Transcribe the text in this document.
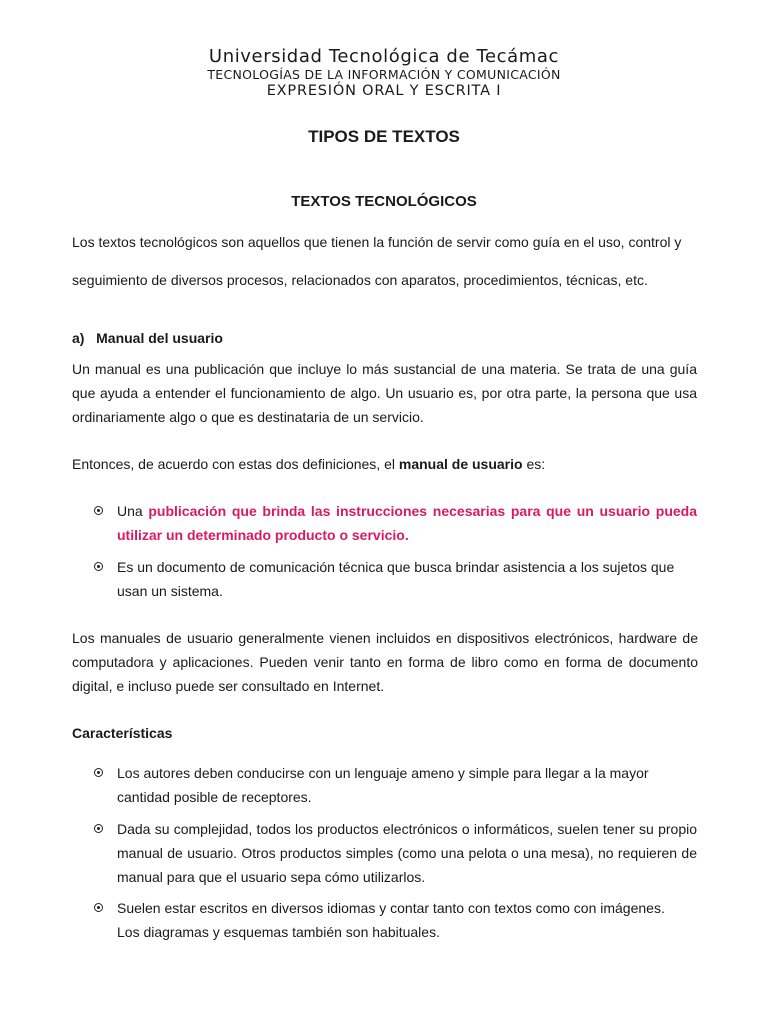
Universidad Tecnológica de Tecámac
TECNOLOGÍAS DE LA INFORMACIÓN Y COMUNICACIÓN
EXPRESIÓN ORAL Y ESCRITA I
TIPOS DE TEXTOS
TEXTOS TECNOLÓGICOS
Los textos tecnológicos son aquellos que tienen la función de servir como guía en el uso, control y seguimiento de diversos procesos, relacionados con aparatos, procedimientos, técnicas, etc.
a) Manual del usuario
Un manual es una publicación que incluye lo más sustancial de una materia. Se trata de una guía que ayuda a entender el funcionamiento de algo. Un usuario es, por otra parte, la persona que usa ordinariamente algo o que es destinataria de un servicio.
Entonces, de acuerdo con estas dos definiciones, el manual de usuario es:
Una publicación que brinda las instrucciones necesarias para que un usuario pueda utilizar un determinado producto o servicio.
Es un documento de comunicación técnica que busca brindar asistencia a los sujetos que usan un sistema.
Los manuales de usuario generalmente vienen incluidos en dispositivos electrónicos, hardware de computadora y aplicaciones. Pueden venir tanto en forma de libro como en forma de documento digital, e incluso puede ser consultado en Internet.
Características
Los autores deben conducirse con un lenguaje ameno y simple para llegar a la mayor cantidad posible de receptores.
Dada su complejidad, todos los productos electrónicos o informáticos, suelen tener su propio manual de usuario. Otros productos simples (como una pelota o una mesa), no requieren de manual para que el usuario sepa cómo utilizarlos.
Suelen estar escritos en diversos idiomas y contar tanto con textos como con imágenes.
Los diagramas y esquemas también son habituales.
